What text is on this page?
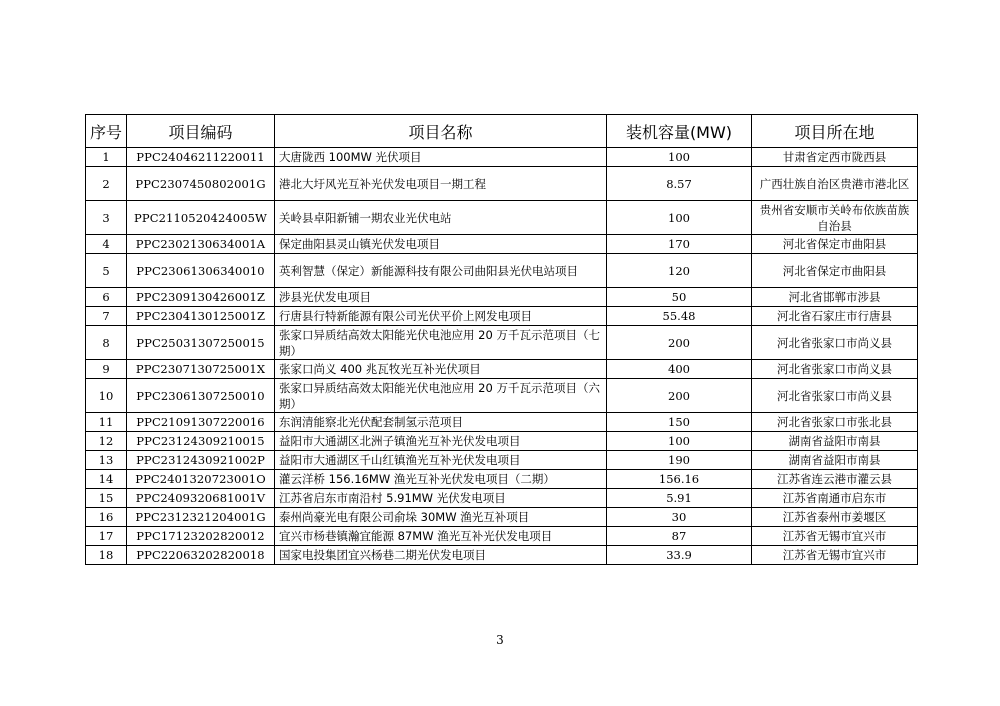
序号	项目编码	项目名称	装机容量(MW)	项目所在地
1	PPC24046211220011	大唐陇西 100MW 光伏项目	100	甘肃省定西市陇西县
2	PPC2307450802001G	港北大圩风光互补光伏发电项目一期工程	8.57	广西壮族自治区贵港市港北区
3	PPC2110520424005W	关岭县卓阳新铺一期农业光伏电站	100	贵州省安顺市关岭布依族苗族自治县
4	PPC2302130634001A	保定曲阳县灵山镇光伏发电项目	170	河北省保定市曲阳县
5	PPC23061306340010	英利智慧（保定）新能源科技有限公司曲阳县光伏电站项目	120	河北省保定市曲阳县
6	PPC2309130426001Z	涉县光伏发电项目	50	河北省邯郸市涉县
7	PPC2304130125001Z	行唐县行特新能源有限公司光伏平价上网发电项目	55.48	河北省石家庄市行唐县
8	PPC25031307250015	张家口异质结高效太阳能光伏电池应用 20 万千瓦示范项目（七期）	200	河北省张家口市尚义县
9	PPC2307130725001X	张家口尚义 400 兆瓦牧光互补光伏项目	400	河北省张家口市尚义县
10	PPC23061307250010	张家口异质结高效太阳能光伏电池应用 20 万千瓦示范项目（六期）	200	河北省张家口市尚义县
11	PPC21091307220016	东润清能察北光伏配套制氢示范项目	150	河北省张家口市张北县
12	PPC23124309210015	益阳市大通湖区北洲子镇渔光互补光伏发电项目	100	湖南省益阳市南县
13	PPC2312430921002P	益阳市大通湖区千山红镇渔光互补光伏发电项目	190	湖南省益阳市南县
14	PPC2401320723001O	灌云洋桥 156.16MW 渔光互补光伏发电项目（二期）	156.16	江苏省连云港市灌云县
15	PPC2409320681001V	江苏省启东市南沿村 5.91MW 光伏发电项目	5.91	江苏省南通市启东市
16	PPC2312321204001G	泰州尚豪光电有限公司俞垛 30MW 渔光互补项目	30	江苏省泰州市姜堰区
17	PPC17123202820012	宜兴市杨巷镇瀚宜能源 87MW 渔光互补光伏发电项目	87	江苏省无锡市宜兴市
18	PPC22063202820018	国家电投集团宜兴杨巷二期光伏发电项目	33.9	江苏省无锡市宜兴市
3
